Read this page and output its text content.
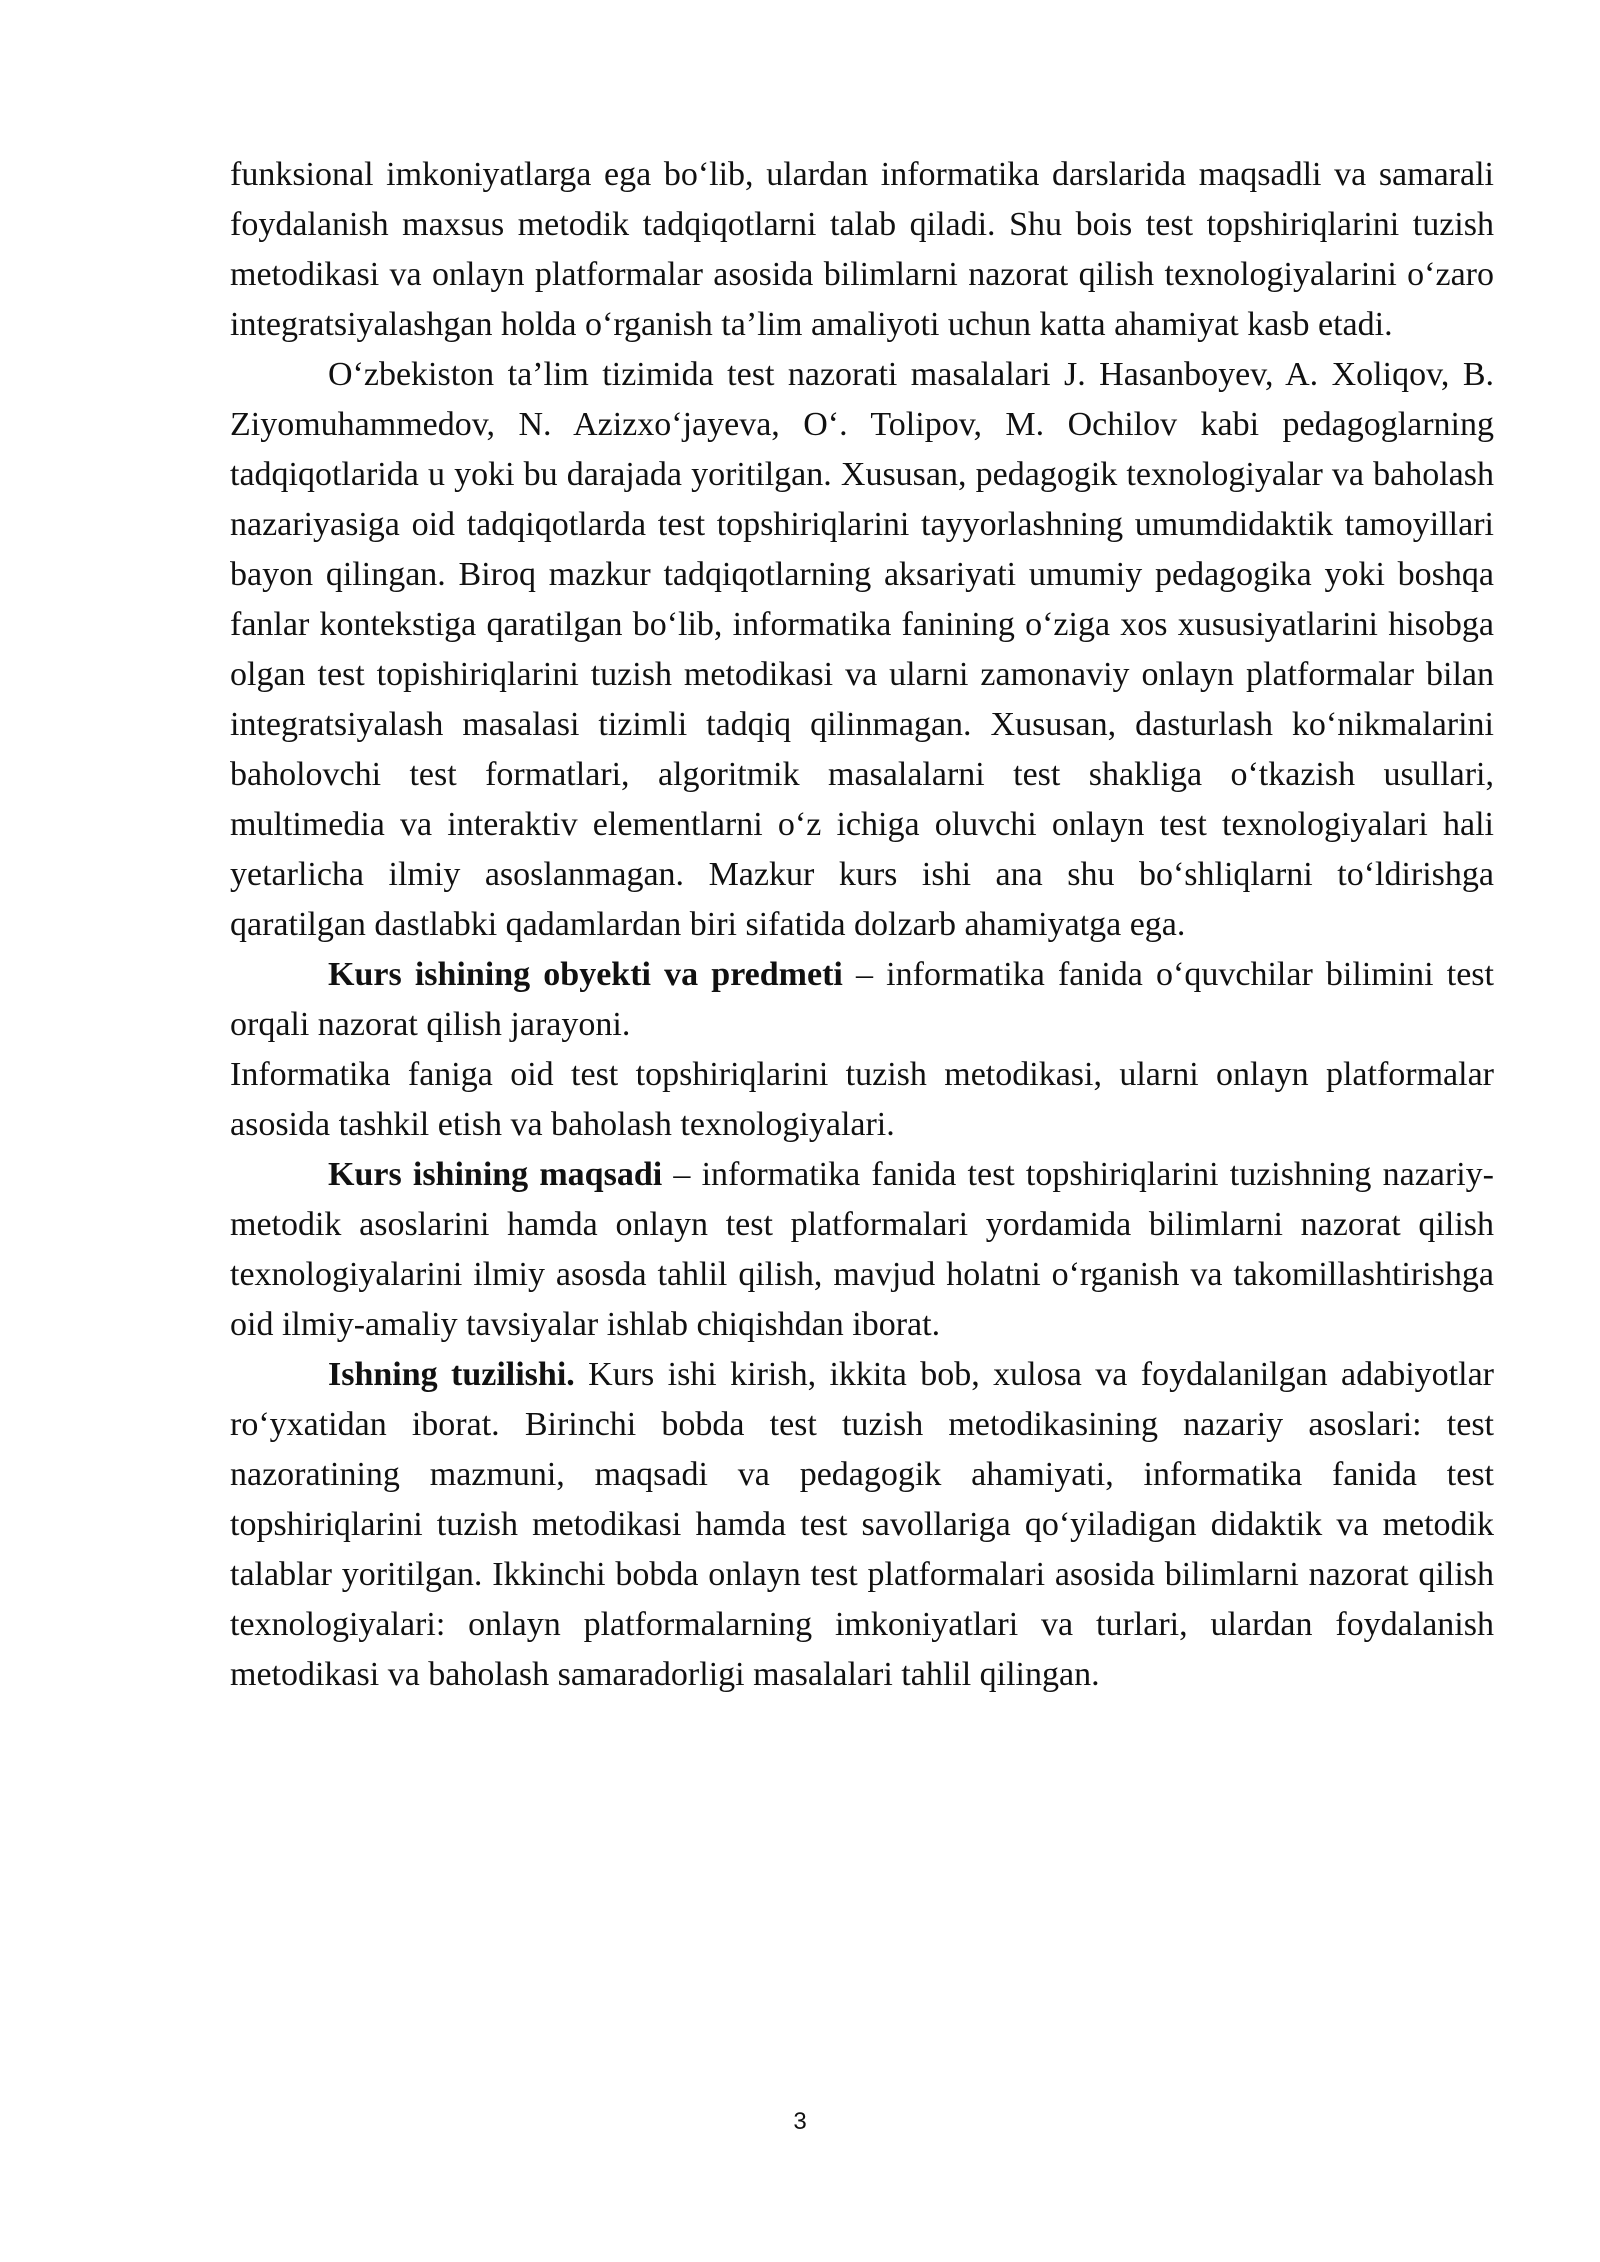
funksional imkoniyatlarga ega bo‘lib, ulardan informatika darslarida maqsadli va samarali foydalanish maxsus metodik tadqiqotlarni talab qiladi. Shu bois test topshiriqlarini tuzish metodikasi va onlayn platformalar asosida bilimlarni nazorat qilish texnologiyalarini o‘zaro integratsiyalashgan holda o‘rganish ta’lim amaliyoti uchun katta ahamiyat kasb etadi.

O‘zbekiston ta’lim tizimida test nazorati masalalari J. Hasanboyev, A. Xoliqov, B. Ziyomuhammedov, N. Azizxo‘jayeva, O‘. Tolipov, M. Ochilov kabi pedagoglarning tadqiqotlarida u yoki bu darajada yoritilgan. Xususan, pedagogik texnologiyalar va baholash nazariyasiga oid tadqiqotlarda test topshiriqlarini tayyorlashning umumdidaktik tamoyillari bayon qilingan. Biroq mazkur tadqiqotlarning aksariyati umumiy pedagogika yoki boshqa fanlar kontekstiga qaratilgan bo‘lib, informatika fanining o‘ziga xos xususiyatlarini hisobga olgan test topishiriqlarini tuzish metodikasi va ularni zamonaviy onlayn platformalar bilan integratsiyalash masalasi tizimli tadqiq qilinmagan. Xususan, dasturlash ko‘nikmalarini baholovchi test formatlari, algoritmik masalalarni test shakliga o‘tkazish usullari, multimedia va interaktiv elementlarni o‘z ichiga oluvchi onlayn test texnologiyalari hali yetarlicha ilmiy asoslanmagan. Mazkur kurs ishi ana shu bo‘shliqlarni to‘ldirishga qaratilgan dastlabki qadamlardan biri sifatida dolzarb ahamiyatga ega.

Kurs ishining obyekti va predmeti – informatika fanida o‘quvchilar bilimini test orqali nazorat qilish jarayoni.

Informatika faniga oid test topshiriqlarini tuzish metodikasi, ularni onlayn platformalar asosida tashkil etish va baholash texnologiyalari.

Kurs ishining maqsadi – informatika fanida test topshiriqlarini tuzishning nazariy-metodik asoslarini hamda onlayn test platformalari yordamida bilimlarni nazorat qilish texnologiyalarini ilmiy asosda tahlil qilish, mavjud holatni o‘rganish va takomillashtirishga oid ilmiy-amaliy tavsiyalar ishlab chiqishdan iborat.

Ishning tuzilishi. Kurs ishi kirish, ikkita bob, xulosa va foydalanilgan adabiyotlar ro‘yxatidan iborat. Birinchi bobda test tuzish metodikasining nazariy asoslari: test nazoratining mazmuni, maqsadi va pedagogik ahamiyati, informatika fanida test topshiriqlarini tuzish metodikasi hamda test savollariga qo‘yiladigan didaktik va metodik talablar yoritilgan. Ikkinchi bobda onlayn test platformalari asosida bilimlarni nazorat qilish texnologiyalari: onlayn platformalarning imkoniyatlari va turlari, ulardan foydalanish metodikasi va baholash samaradorligi masalalari tahlil qilingan.

3
